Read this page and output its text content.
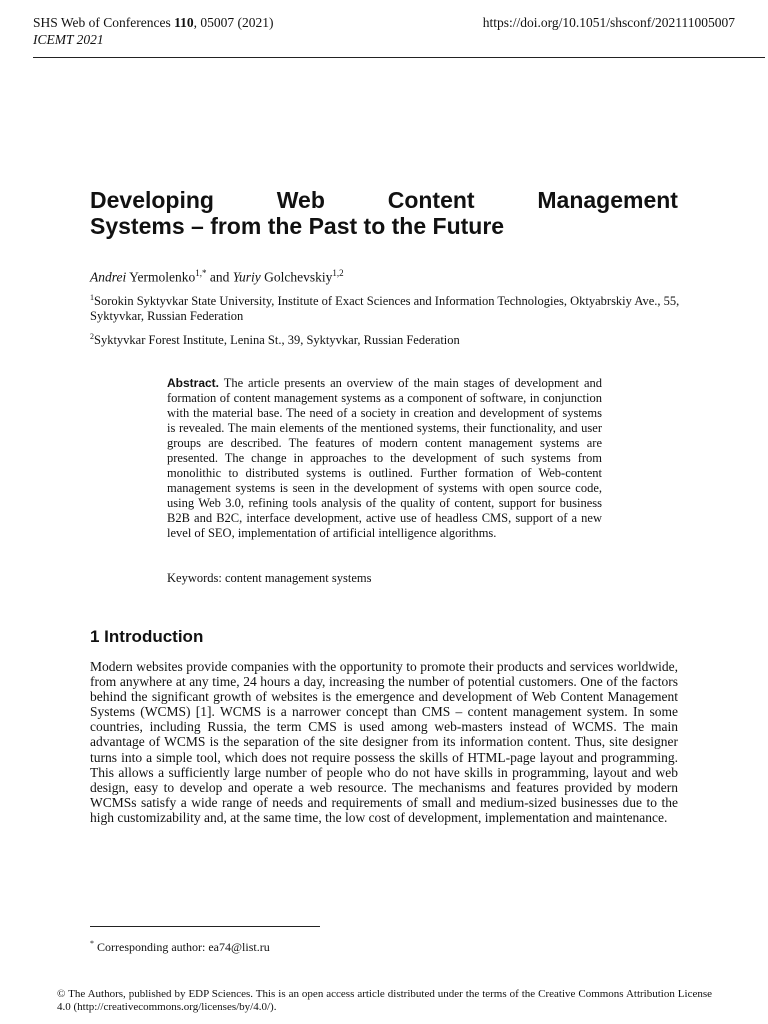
SHS Web of Conferences 110, 05007 (2021)
ICEMT 2021
https://doi.org/10.1051/shsconf/202111005007
Developing	Web	Content	Management
Systems – from the Past to the Future
Andrei Yermolenko$^{1,*}$ and Yuriy Golchevskiy$^{1,2}$
$^1$Sorokin Syktyvkar State University, Institute of Exact Sciences and Information Technologies, Oktyabrskiy Ave., 55, Syktyvkar, Russian Federation
$^2$Syktyvkar Forest Institute, Lenina St., 39, Syktyvkar, Russian Federation
Abstract. The article presents an overview of the main stages of development and formation of content management systems as a component of software, in conjunction with the material base. The need of a society in creation and development of systems is revealed. The main elements of the mentioned systems, their functionality, and user groups are described. The features of modern content management systems are presented. The change in approaches to the development of such systems from monolithic to distributed systems is outlined. Further formation of Web-content management systems is seen in the development of systems with open source code, using Web 3.0, refining tools analysis of the quality of content, support for business B2B and B2C, interface development, active use of headless CMS, support of a new level of SEO, implementation of artificial intelligence algorithms.
Keywords: content management systems
1 Introduction
Modern websites provide companies with the opportunity to promote their products and services worldwide, from anywhere at any time, 24 hours a day, increasing the number of potential customers. One of the factors behind the significant growth of websites is the emergence and development of Web Content Management Systems (WCMS) [1]. WCMS is a narrower concept than CMS – content management system. In some countries, including Russia, the term CMS is used among web-masters instead of WCMS. The main advantage of WCMS is the separation of the site designer from its information content. Thus, site designer turns into a simple tool, which does not require possess the skills of HTML-page layout and programming. This allows a sufficiently large number of people who do not have skills in programming, layout and web design, easy to develop and operate a web resource. The mechanisms and features provided by modern WCMSs satisfy a wide range of needs and requirements of small and medium-sized businesses due to the high customizability and, at the same time, the low cost of development, implementation and maintenance.
* Corresponding author: ea74@list.ru
© The Authors, published by EDP Sciences. This is an open access article distributed under the terms of the Creative Commons Attribution License 4.0 (http://creativecommons.org/licenses/by/4.0/).
